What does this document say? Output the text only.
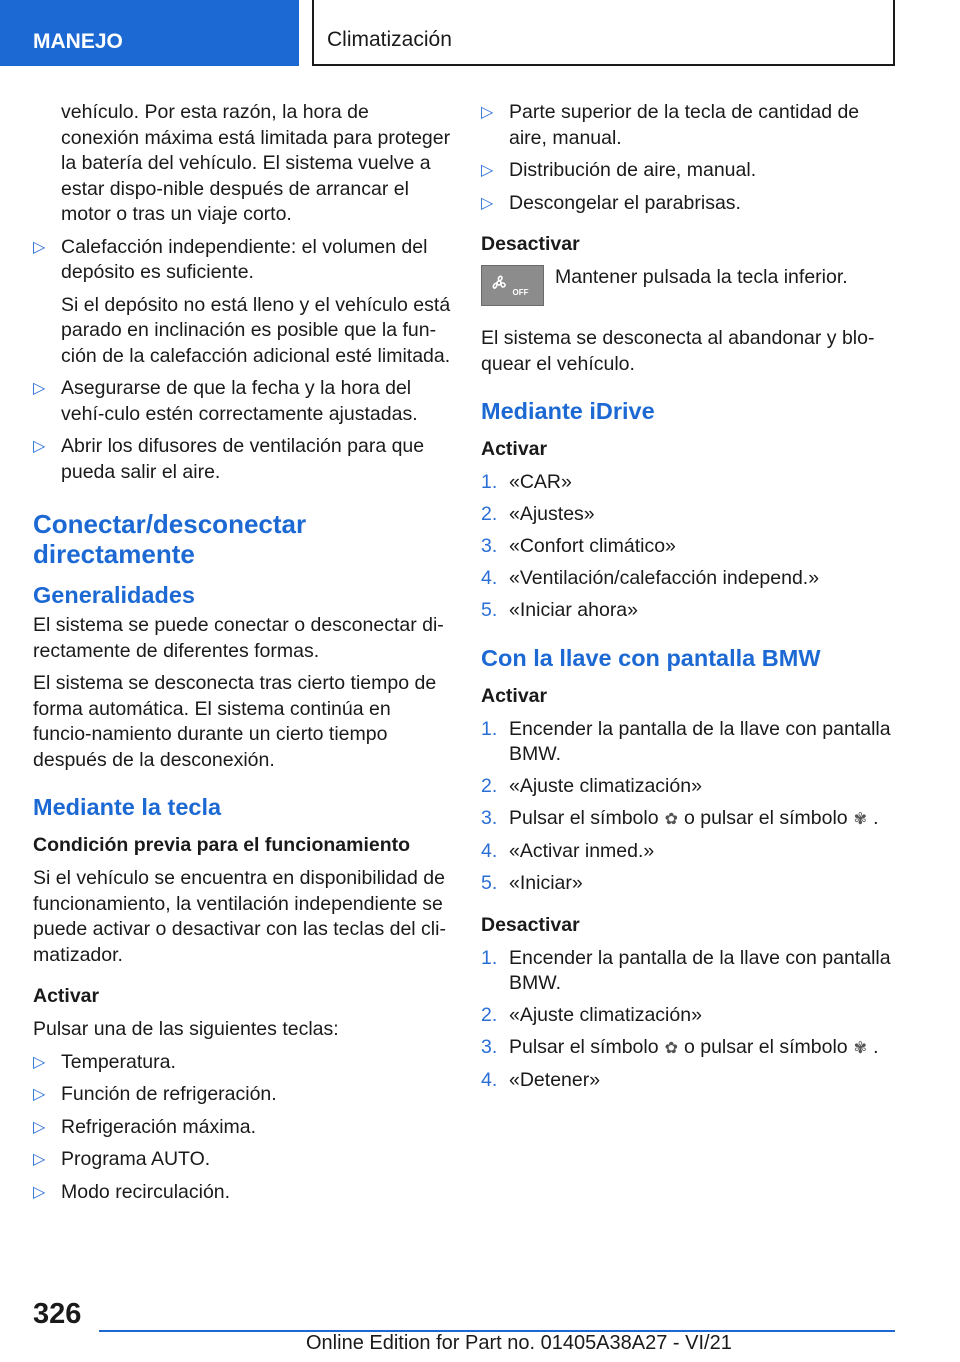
MANEJO	Climatización
vehículo. Por esta razón, la hora de conexión máxima está limitada para proteger la batería del vehículo. El sistema vuelve a estar dispo-nible después de arrancar el motor o tras un viaje corto.
▷ Calefacción independiente: el volumen del depósito es suficiente.
Si el depósito no está lleno y el vehículo está parado en inclinación es posible que la fun-ción de la calefacción adicional esté limitada.
▷ Asegurarse de que la fecha y la hora del vehí-culo estén correctamente ajustadas.
▷ Abrir los difusores de ventilación para que pueda salir el aire.
Conectar/desconectar directamente
Generalidades
El sistema se puede conectar o desconectar di-rectamente de diferentes formas.
El sistema se desconecta tras cierto tiempo de forma automática. El sistema continúa en funcio-namiento durante un cierto tiempo después de la desconexión.
Mediante la tecla
Condición previa para el funcionamiento
Si el vehículo se encuentra en disponibilidad de funcionamiento, la ventilación independiente se puede activar o desactivar con las teclas del cli-matizador.
Activar
Pulsar una de las siguientes teclas:
▷ Temperatura.
▷ Función de refrigeración.
▷ Refrigeración máxima.
▷ Programa AUTO.
▷ Modo recirculación.
▷ Parte superior de la tecla de cantidad de aire, manual.
▷ Distribución de aire, manual.
▷ Descongelar el parabrisas.
Desactivar
OFF
Mantener pulsada la tecla inferior.
El sistema se desconecta al abandonar y blo-quear el vehículo.
Mediante iDrive
Activar
1. «CAR»
2. «Ajustes»
3. «Confort climático»
4. «Ventilación/calefacción independ.»
5. «Iniciar ahora»
Con la llave con pantalla BMW
Activar
1. Encender la pantalla de la llave con pantalla BMW.
2. «Ajuste climatización»
3. Pulsar el símbolo ✿ o pulsar el símbolo ✾ .
4. «Activar inmed.»
5. «Iniciar»
Desactivar
1. Encender la pantalla de la llave con pantalla BMW.
2. «Ajuste climatización»
3. Pulsar el símbolo ✿ o pulsar el símbolo ✾ .
4. «Detener»
326
Online Edition for Part no. 01405A38A27 - VI/21
